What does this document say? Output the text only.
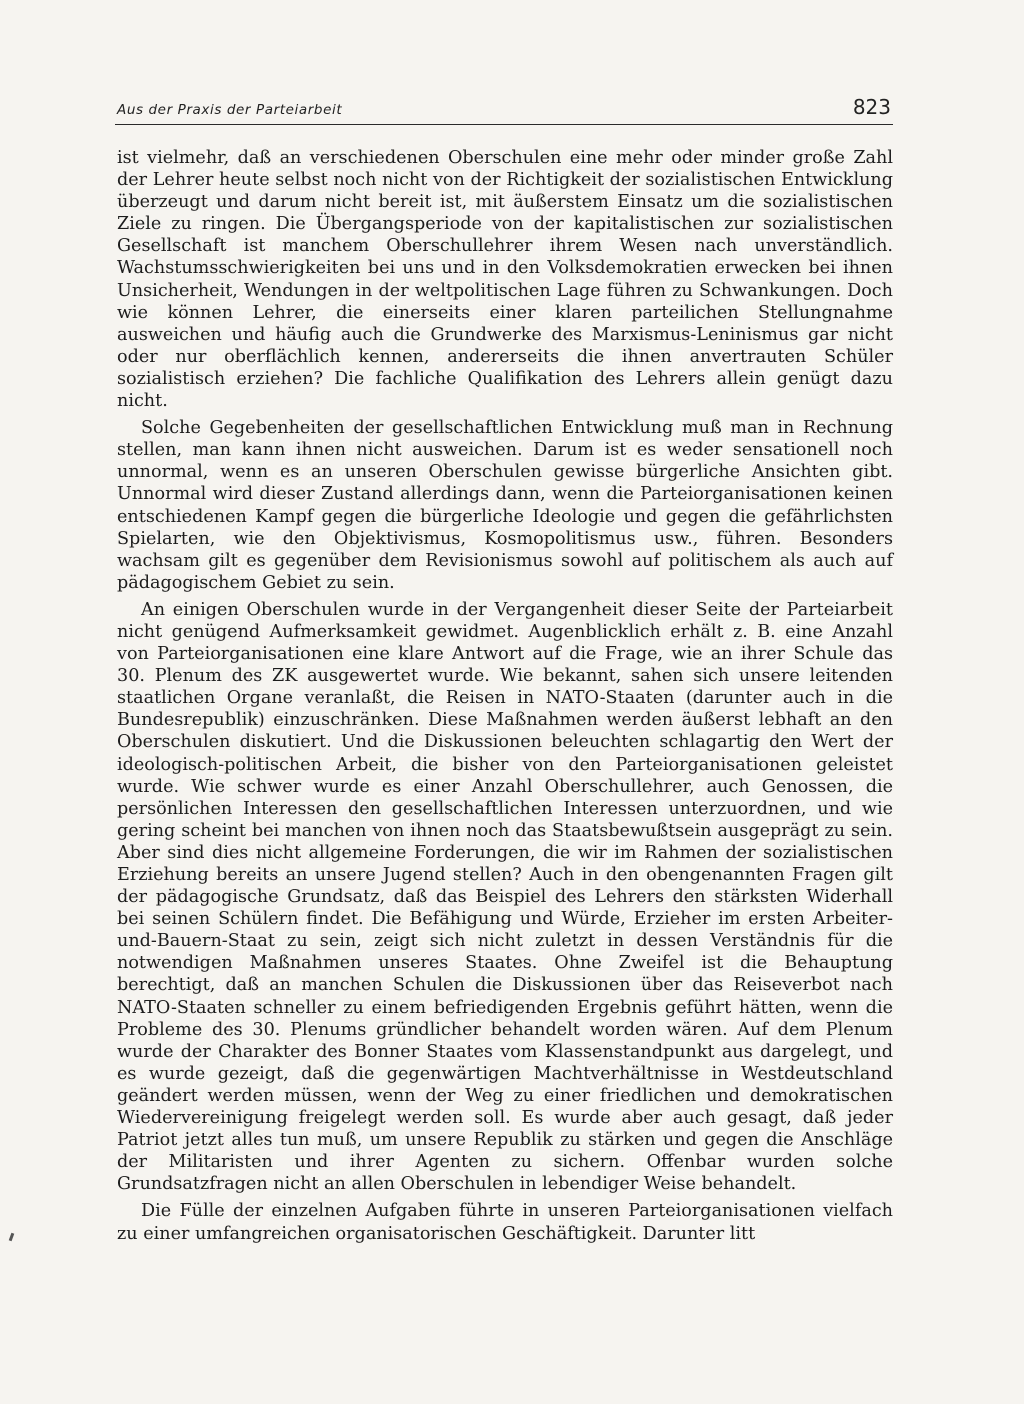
Aus der Praxis der Parteiarbeit	823

ist vielmehr, daß an verschiedenen Oberschulen eine mehr oder minder große Zahl der Lehrer heute selbst noch nicht von der Richtigkeit der sozialistischen Entwicklung überzeugt und darum nicht bereit ist, mit äußerstem Einsatz um die sozialistischen Ziele zu ringen. Die Übergangsperiode von der kapitalistischen zur sozialistischen Gesellschaft ist manchem Oberschullehrer ihrem Wesen nach unverständlich. Wachstumsschwierigkeiten bei uns und in den Volksdemokratien erwecken bei ihnen Unsicherheit, Wendungen in der weltpolitischen Lage führen zu Schwankungen. Doch wie können Lehrer, die einerseits einer klaren parteilichen Stellungnahme ausweichen und häufig auch die Grundwerke des Marxismus-Leninismus gar nicht oder nur oberflächlich kennen, andererseits die ihnen anvertrauten Schüler sozialistisch erziehen? Die fachliche Qualifikation des Lehrers allein genügt dazu nicht.

Solche Gegebenheiten der gesellschaftlichen Entwicklung muß man in Rechnung stellen, man kann ihnen nicht ausweichen. Darum ist es weder sensationell noch unnormal, wenn es an unseren Oberschulen gewisse bürgerliche Ansichten gibt. Unnormal wird dieser Zustand allerdings dann, wenn die Parteiorganisationen keinen entschiedenen Kampf gegen die bürgerliche Ideologie und gegen die gefährlichsten Spielarten, wie den Objektivismus, Kosmopolitismus usw., führen. Besonders wachsam gilt es gegenüber dem Revisionismus sowohl auf politischem als auch auf pädagogischem Gebiet zu sein.

An einigen Oberschulen wurde in der Vergangenheit dieser Seite der Parteiarbeit nicht genügend Aufmerksamkeit gewidmet. Augenblicklich erhält z. B. eine Anzahl von Parteiorganisationen eine klare Antwort auf die Frage, wie an ihrer Schule das 30. Plenum des ZK ausgewertet wurde. Wie bekannt, sahen sich unsere leitenden staatlichen Organe veranlaßt, die Reisen in NATO-Staaten (darunter auch in die Bundesrepublik) einzuschränken. Diese Maßnahmen werden äußerst lebhaft an den Oberschulen diskutiert. Und die Diskussionen beleuchten schlagartig den Wert der ideologisch-politischen Arbeit, die bisher von den Parteiorganisationen geleistet wurde. Wie schwer wurde es einer Anzahl Oberschullehrer, auch Genossen, die persönlichen Interessen den gesellschaftlichen Interessen unterzuordnen, und wie gering scheint bei manchen von ihnen noch das Staatsbewußtsein ausgeprägt zu sein. Aber sind dies nicht allgemeine Forderungen, die wir im Rahmen der sozialistischen Erziehung bereits an unsere Jugend stellen? Auch in den obengenannten Fragen gilt der pädagogische Grundsatz, daß das Beispiel des Lehrers den stärksten Widerhall bei seinen Schülern findet. Die Befähigung und Würde, Erzieher im ersten Arbeiter-und-Bauern-Staat zu sein, zeigt sich nicht zuletzt in dessen Verständnis für die notwendigen Maßnahmen unseres Staates. Ohne Zweifel ist die Behauptung berechtigt, daß an manchen Schulen die Diskussionen über das Reiseverbot nach NATO-Staaten schneller zu einem befriedigenden Ergebnis geführt hätten, wenn die Probleme des 30. Plenums gründlicher behandelt worden wären. Auf dem Plenum wurde der Charakter des Bonner Staates vom Klassenstandpunkt aus dargelegt, und es wurde gezeigt, daß die gegenwärtigen Machtverhältnisse in Westdeutschland geändert werden müssen, wenn der Weg zu einer friedlichen und demokratischen Wiedervereinigung freigelegt werden soll. Es wurde aber auch gesagt, daß jeder Patriot jetzt alles tun muß, um unsere Republik zu stärken und gegen die Anschläge der Militaristen und ihrer Agenten zu sichern. Offenbar wurden solche Grundsatzfragen nicht an allen Oberschulen in lebendiger Weise behandelt.

Die Fülle der einzelnen Aufgaben führte in unseren Parteiorganisationen vielfach zu einer umfangreichen organisatorischen Geschäftigkeit. Darunter litt
